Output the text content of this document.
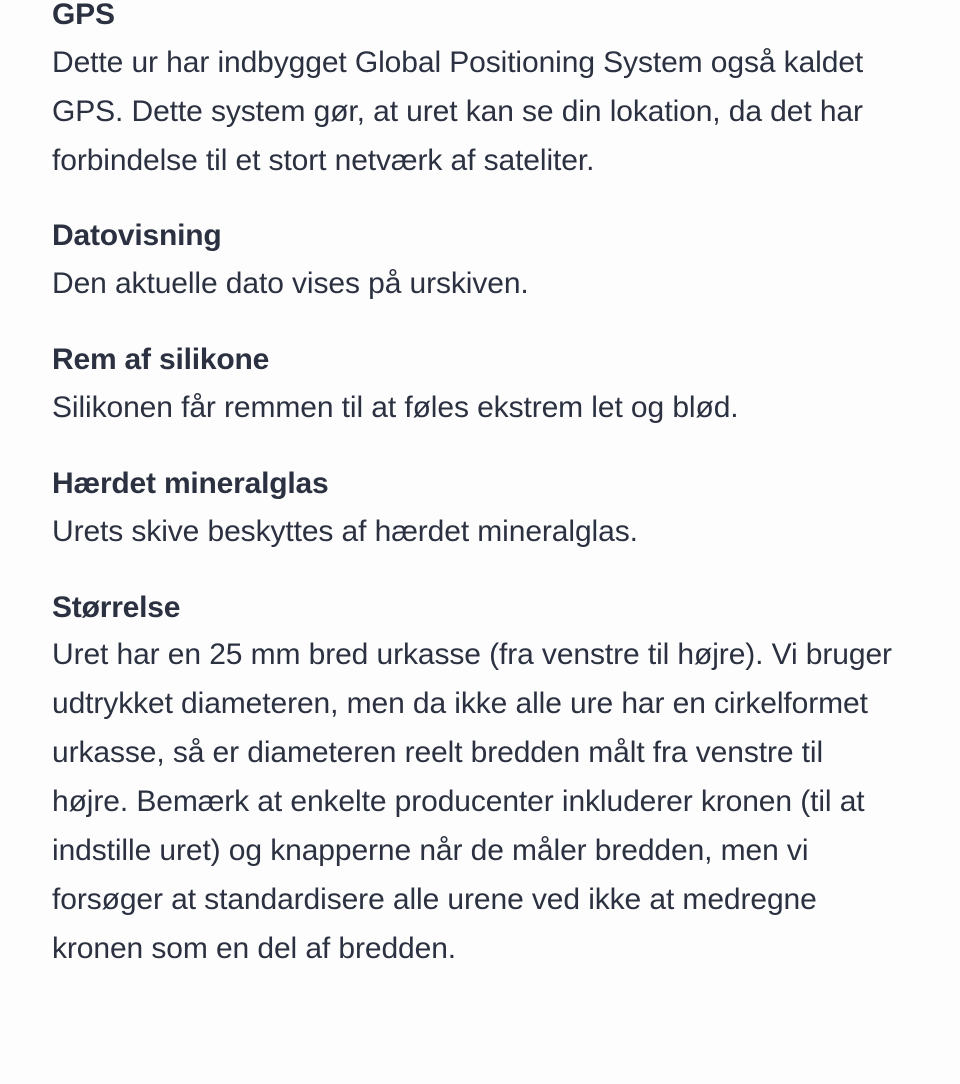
GPS

Dette ur har indbygget Global Positioning System også kaldet GPS. Dette system gør, at uret kan se din lokation, da det har forbindelse til et stort netværk af sateliter.

Datovisning

Den aktuelle dato vises på urskiven.

Rem af silikone

Silikonen får remmen til at føles ekstrem let og blød.

Hærdet mineralglas

Urets skive beskyttes af hærdet mineralglas.

Størrelse

Uret har en 25 mm bred urkasse (fra venstre til højre). Vi bruger udtrykket diameteren, men da ikke alle ure har en cirkelformet urkasse, så er diameteren reelt bredden målt fra venstre til højre. Bemærk at enkelte producenter inkluderer kronen (til at indstille uret) og knapperne når de måler bredden, men vi forsøger at standardisere alle urene ved ikke at medregne kronen som en del af bredden.
